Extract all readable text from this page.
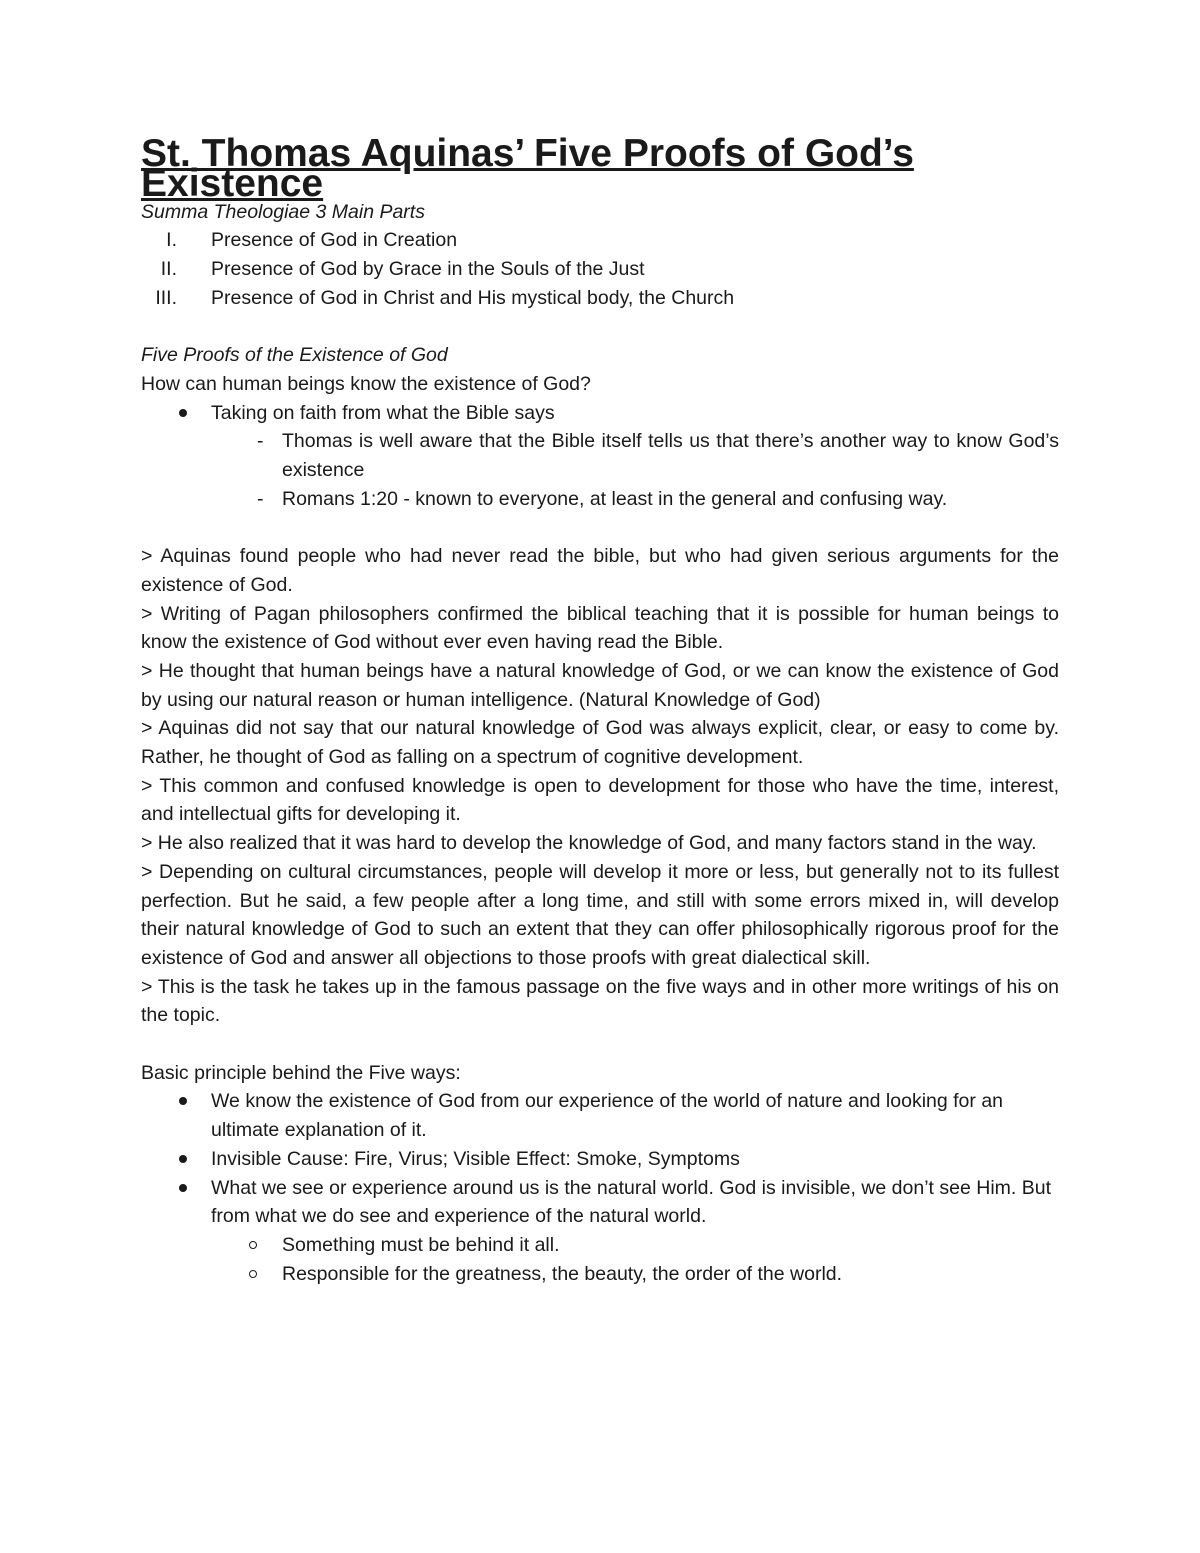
St. Thomas Aquinas’ Five Proofs of God’s Existence

Summa Theologiae 3 Main Parts

I. Presence of God in Creation
II. Presence of God by Grace in the Souls of the Just
III. Presence of God in Christ and His mystical body, the Church

Five Proofs of the Existence of God

How can human beings know the existence of God?

Taking on faith from what the Bible says
- Thomas is well aware that the Bible itself tells us that there’s another way to know God’s existence
- Romans 1:20 - known to everyone, at least in the general and confusing way.

> Aquinas found people who had never read the bible, but who had given serious arguments for the existence of God.

> Writing of Pagan philosophers confirmed the biblical teaching that it is possible for human beings to know the existence of God without ever even having read the Bible.

> He thought that human beings have a natural knowledge of God, or we can know the existence of God by using our natural reason or human intelligence. (Natural Knowledge of God)

> Aquinas did not say that our natural knowledge of God was always explicit, clear, or easy to come by. Rather, he thought of God as falling on a spectrum of cognitive development.

> This common and confused knowledge is open to development for those who have the time, interest, and intellectual gifts for developing it.

> He also realized that it was hard to develop the knowledge of God, and many factors stand in the way.

> Depending on cultural circumstances, people will develop it more or less, but generally not to its fullest perfection. But he said, a few people after a long time, and still with some errors mixed in, will develop their natural knowledge of God to such an extent that they can offer philosophically rigorous proof for the existence of God and answer all objections to those proofs with great dialectical skill.

> This is the task he takes up in the famous passage on the five ways and in other more writings of his on the topic.

Basic principle behind the Five ways:

We know the existence of God from our experience of the world of nature and looking for an ultimate explanation of it.
Invisible Cause: Fire, Virus; Visible Effect: Smoke, Symptoms
What we see or experience around us is the natural world. God is invisible, we don’t see Him. But from what we do see and experience of the natural world.
Something must be behind it all.
Responsible for the greatness, the beauty, the order of the world.
